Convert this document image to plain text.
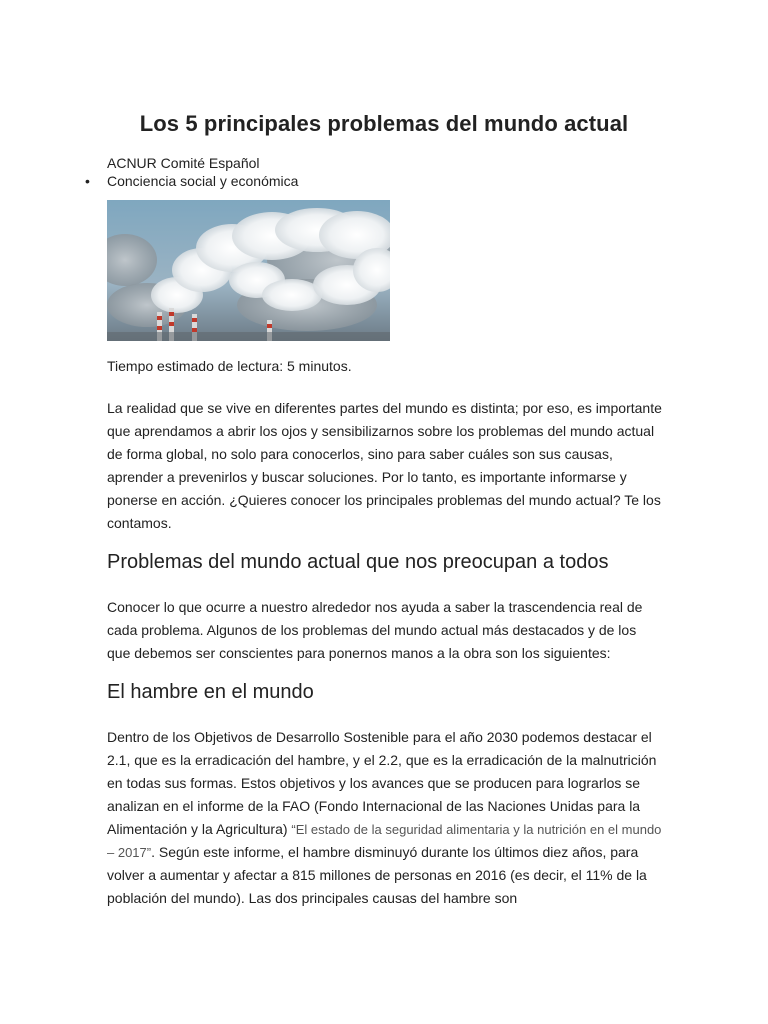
Los 5 principales problemas del mundo actual

ACNUR Comité Español

• Conciencia social y económica

Tiempo estimado de lectura: 5 minutos.

La realidad que se vive en diferentes partes del mundo es distinta; por eso, es importante que aprendamos a abrir los ojos y sensibilizarnos sobre los problemas del mundo actual de forma global, no solo para conocerlos, sino para saber cuáles son sus causas, aprender a prevenirlos y buscar soluciones. Por lo tanto, es importante informarse y ponerse en acción. ¿Quieres conocer los principales problemas del mundo actual? Te los contamos.

Problemas del mundo actual que nos preocupan a todos

Conocer lo que ocurre a nuestro alrededor nos ayuda a saber la trascendencia real de cada problema. Algunos de los problemas del mundo actual más destacados y de los que debemos ser conscientes para ponernos manos a la obra son los siguientes:

El hambre en el mundo

Dentro de los Objetivos de Desarrollo Sostenible para el año 2030 podemos destacar el 2.1, que es la erradicación del hambre, y el 2.2, que es la erradicación de la malnutrición en todas sus formas. Estos objetivos y los avances que se producen para lograrlos se analizan en el informe de la FAO (Fondo Internacional de las Naciones Unidas para la Alimentación y la Agricultura) “El estado de la seguridad alimentaria y la nutrición en el mundo – 2017”. Según este informe, el hambre disminuyó durante los últimos diez años, para volver a aumentar y afectar a 815 millones de personas en 2016 (es decir, el 11% de la población del mundo). Las dos principales causas del hambre son
